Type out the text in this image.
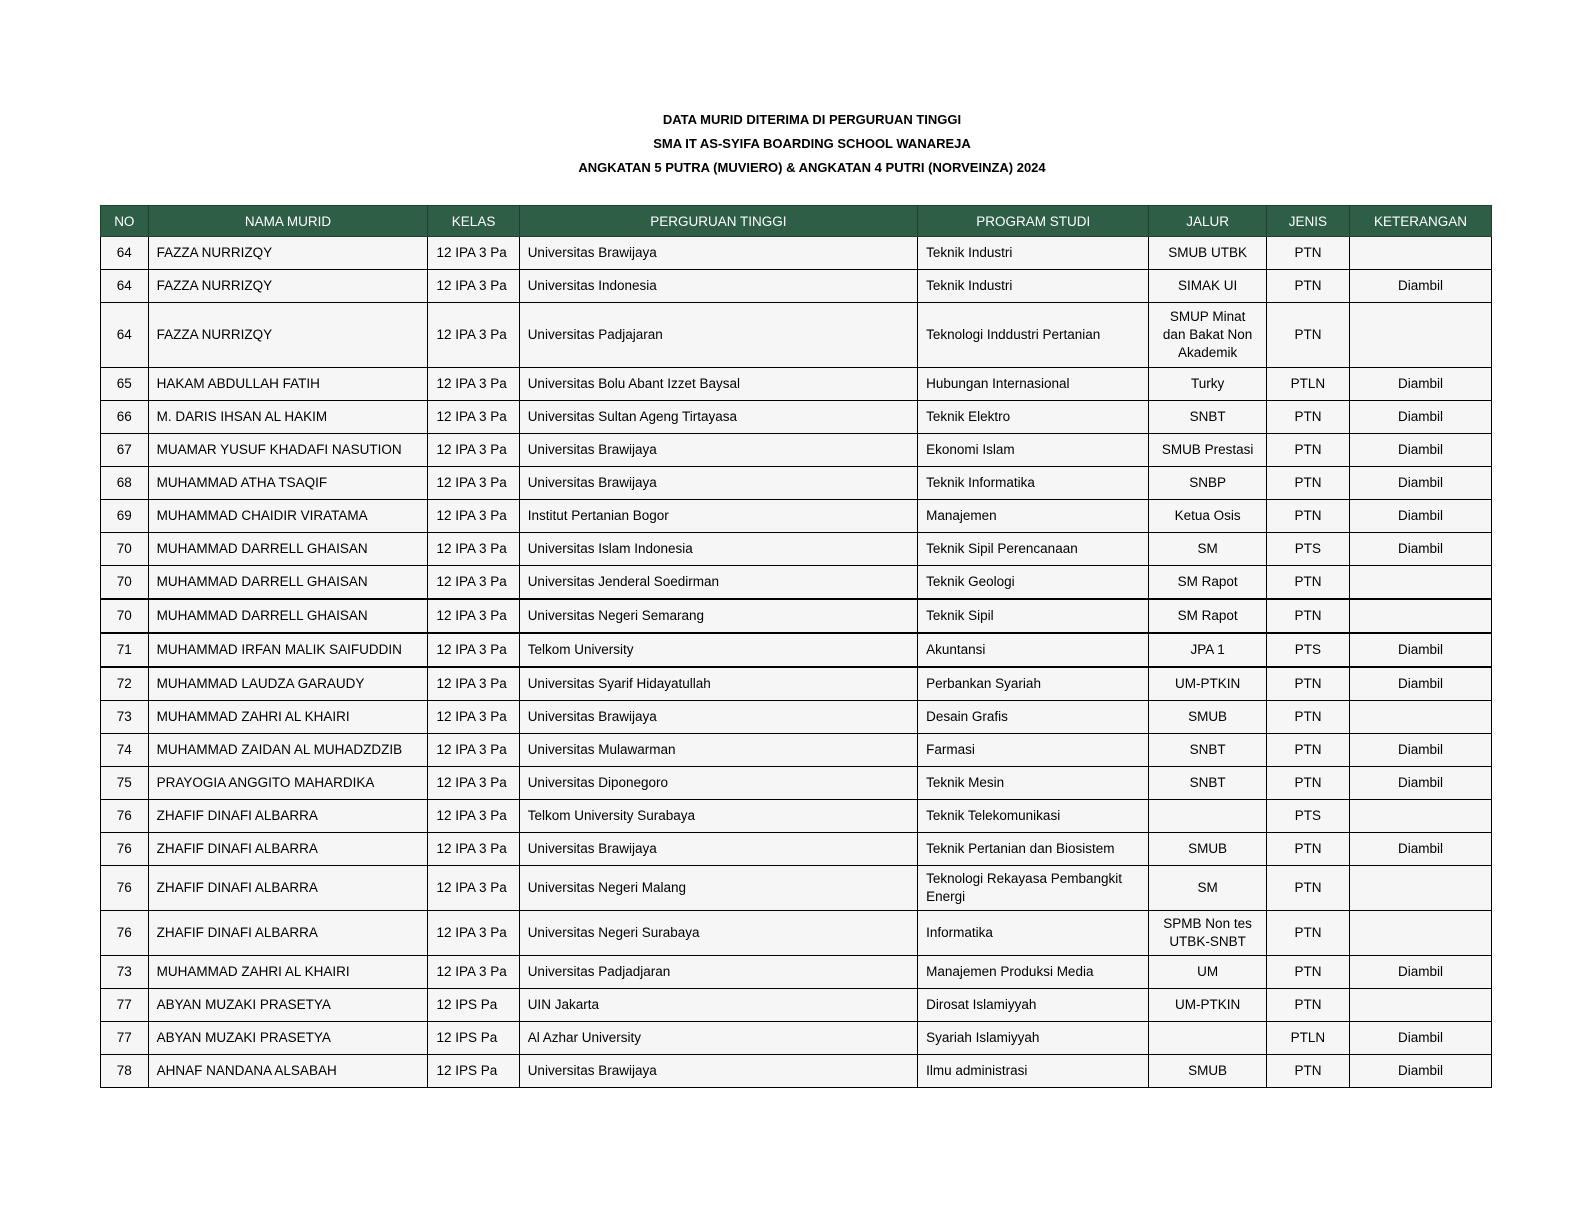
DATA MURID DITERIMA DI PERGURUAN TINGGI
SMA IT AS-SYIFA BOARDING SCHOOL WANAREJA
ANGKATAN 5 PUTRA (MUVIERO) & ANGKATAN 4 PUTRI (NORVEINZA) 2024
NO	NAMA MURID	KELAS	PERGURUAN TINGGI	PROGRAM STUDI	JALUR	JENIS	KETERANGAN
64	FAZZA NURRIZQY	12 IPA 3 Pa	Universitas Brawijaya	Teknik Industri	SMUB UTBK	PTN	
64	FAZZA NURRIZQY	12 IPA 3 Pa	Universitas Indonesia	Teknik Industri	SIMAK UI	PTN	Diambil
64	FAZZA NURRIZQY	12 IPA 3 Pa	Universitas Padjajaran	Teknologi Inddustri Pertanian	SMUP Minat dan Bakat Non Akademik	PTN	
65	HAKAM ABDULLAH FATIH	12 IPA 3 Pa	Universitas Bolu Abant Izzet Baysal	Hubungan Internasional	Turky	PTLN	Diambil
66	M. DARIS IHSAN AL HAKIM	12 IPA 3 Pa	Universitas Sultan Ageng Tirtayasa	Teknik Elektro	SNBT	PTN	Diambil
67	MUAMAR YUSUF KHADAFI NASUTION	12 IPA 3 Pa	Universitas Brawijaya	Ekonomi Islam	SMUB Prestasi	PTN	Diambil
68	MUHAMMAD ATHA TSAQIF	12 IPA 3 Pa	Universitas Brawijaya	Teknik Informatika	SNBP	PTN	Diambil
69	MUHAMMAD CHAIDIR VIRATAMA	12 IPA 3 Pa	Institut Pertanian Bogor	Manajemen	Ketua Osis	PTN	Diambil
70	MUHAMMAD DARRELL GHAISAN	12 IPA 3 Pa	Universitas Islam Indonesia	Teknik Sipil Perencanaan	SM	PTS	Diambil
70	MUHAMMAD DARRELL GHAISAN	12 IPA 3 Pa	Universitas Jenderal Soedirman	Teknik Geologi	SM Rapot	PTN	
70	MUHAMMAD DARRELL GHAISAN	12 IPA 3 Pa	Universitas Negeri Semarang	Teknik Sipil	SM Rapot	PTN	
71	MUHAMMAD IRFAN MALIK SAIFUDDIN	12 IPA 3 Pa	Telkom University	Akuntansi	JPA 1	PTS	Diambil
72	MUHAMMAD LAUDZA GARAUDY	12 IPA 3 Pa	Universitas Syarif Hidayatullah	Perbankan Syariah	UM-PTKIN	PTN	Diambil
73	MUHAMMAD ZAHRI AL KHAIRI	12 IPA 3 Pa	Universitas Brawijaya	Desain Grafis	SMUB	PTN	
74	MUHAMMAD ZAIDAN AL MUHADZDZIB	12 IPA 3 Pa	Universitas Mulawarman	Farmasi	SNBT	PTN	Diambil
75	PRAYOGIA ANGGITO MAHARDIKA	12 IPA 3 Pa	Universitas Diponegoro	Teknik Mesin	SNBT	PTN	Diambil
76	ZHAFIF DINAFI ALBARRA	12 IPA 3 Pa	Telkom University Surabaya	Teknik Telekomunikasi		PTS	
76	ZHAFIF DINAFI ALBARRA	12 IPA 3 Pa	Universitas Brawijaya	Teknik Pertanian dan Biosistem	SMUB	PTN	Diambil
76	ZHAFIF DINAFI ALBARRA	12 IPA 3 Pa	Universitas Negeri Malang	Teknologi Rekayasa Pembangkit Energi	SM	PTN	
76	ZHAFIF DINAFI ALBARRA	12 IPA 3 Pa	Universitas Negeri Surabaya	Informatika	SPMB Non tes UTBK-SNBT	PTN	
73	MUHAMMAD ZAHRI AL KHAIRI	12 IPA 3 Pa	Universitas Padjadjaran	Manajemen Produksi Media	UM	PTN	Diambil
77	ABYAN MUZAKI PRASETYA	12 IPS Pa	UIN Jakarta	Dirosat Islamiyyah	UM-PTKIN	PTN	
77	ABYAN MUZAKI PRASETYA	12 IPS Pa	Al Azhar University	Syariah Islamiyyah		PTLN	Diambil
78	AHNAF NANDANA ALSABAH	12 IPS Pa	Universitas Brawijaya	Ilmu administrasi	SMUB	PTN	Diambil
